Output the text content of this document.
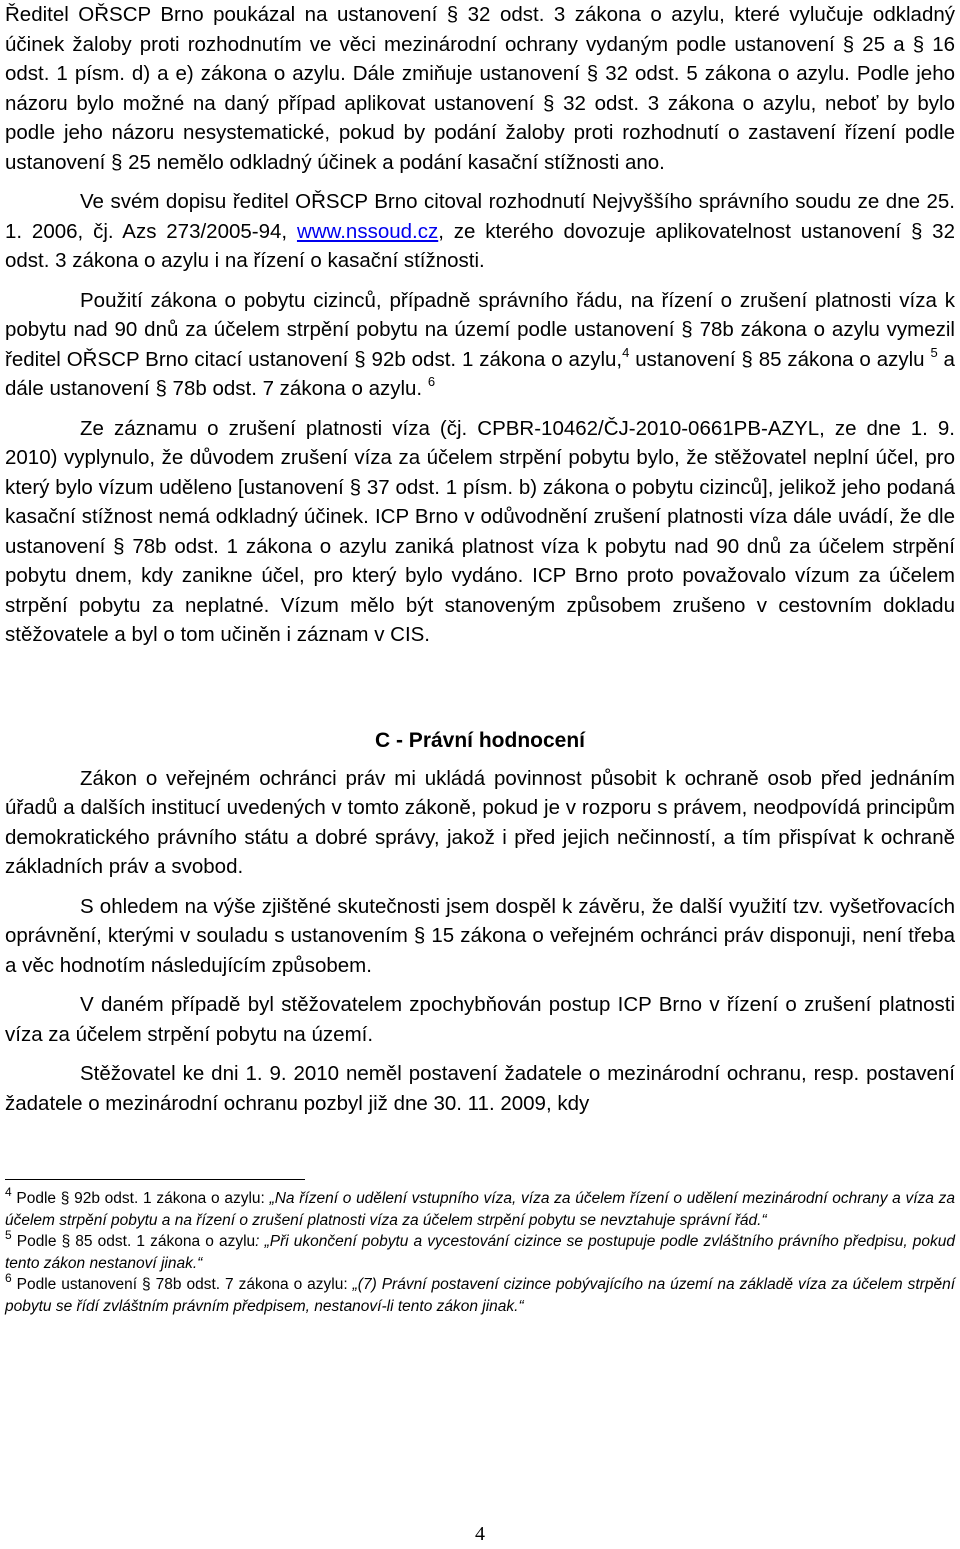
Ředitel OŘSCP Brno poukázal na ustanovení § 32 odst. 3 zákona o azylu, které vylučuje odkladný účinek žaloby proti rozhodnutím ve věci mezinárodní ochrany vydaným podle ustanovení § 25 a § 16 odst. 1 písm. d) a e) zákona o azylu. Dále zmiňuje ustanovení § 32 odst. 5 zákona o azylu. Podle jeho názoru bylo možné na daný případ aplikovat ustanovení § 32 odst. 3 zákona o azylu, neboť by bylo podle jeho názoru nesystematické, pokud by podání žaloby proti rozhodnutí o zastavení řízení podle ustanovení § 25 nemělo odkladný účinek a podání kasační stížnosti ano.

Ve svém dopisu ředitel OŘSCP Brno citoval rozhodnutí Nejvyššího správního soudu ze dne 25. 1. 2006, čj. Azs 273/2005-94, www.nssoud.cz, ze kterého dovozuje aplikovatelnost ustanovení § 32 odst. 3 zákona o azylu i na řízení o kasační stížnosti.

Použití zákona o pobytu cizinců, případně správního řádu, na řízení o zrušení platnosti víza k pobytu nad 90 dnů za účelem strpění pobytu na území podle ustanovení § 78b zákona o azylu vymezil ředitel OŘSCP Brno citací ustanovení § 92b odst. 1 zákona o azylu,$^4$ ustanovení § 85 zákona o azylu $^5$ a dále ustanovení § 78b odst. 7 zákona o azylu. $^6$

Ze záznamu o zrušení platnosti víza (čj. CPBR-10462/ČJ-2010-0661PB-AZYL, ze dne 1. 9. 2010) vyplynulo, že důvodem zrušení víza za účelem strpění pobytu bylo, že stěžovatel neplní účel, pro který bylo vízum uděleno [ustanovení § 37 odst. 1 písm. b) zákona o pobytu cizinců], jelikož jeho podaná kasační stížnost nemá odkladný účinek. ICP Brno v odůvodnění zrušení platnosti víza dále uvádí, že dle ustanovení § 78b odst. 1 zákona o azylu zaniká platnost víza k pobytu nad 90 dnů za účelem strpění pobytu dnem, kdy zanikne účel, pro který bylo vydáno. ICP Brno proto považovalo vízum za účelem strpění pobytu za neplatné. Vízum mělo být stanoveným způsobem zrušeno v cestovním dokladu stěžovatele a byl o tom učiněn i záznam v CIS.

C - Právní hodnocení

Zákon o veřejném ochránci práv mi ukládá povinnost působit k ochraně osob před jednáním úřadů a dalších institucí uvedených v tomto zákoně, pokud je v rozporu s právem, neodpovídá principům demokratického právního státu a dobré správy, jakož i před jejich nečinností, a tím přispívat k ochraně základních práv a svobod.

S ohledem na výše zjištěné skutečnosti jsem dospěl k závěru, že další využití tzv. vyšetřovacích oprávnění, kterými v souladu s ustanovením § 15 zákona o veřejném ochránci práv disponuji, není třeba a věc hodnotím následujícím způsobem.

V daném případě byl stěžovatelem zpochybňován postup ICP Brno v řízení o zrušení platnosti víza za účelem strpění pobytu na území.

Stěžovatel ke dni 1. 9. 2010 neměl postavení žadatele o mezinárodní ochranu, resp. postavení žadatele o mezinárodní ochranu pozbyl již dne 30. 11. 2009, kdy

$^4$ Podle § 92b odst. 1 zákona o azylu: „Na řízení o udělení vstupního víza, víza za účelem řízení o udělení mezinárodní ochrany a víza za účelem strpění pobytu a na řízení o zrušení platnosti víza za účelem strpění pobytu se nevztahuje správní řád.“

$^5$ Podle § 85 odst. 1 zákona o azylu: „Při ukončení pobytu a vycestování cizince se postupuje podle zvláštního právního předpisu, pokud tento zákon nestanoví jinak.“

$^6$ Podle ustanovení § 78b odst. 7 zákona o azylu: „(7) Právní postavení cizince pobývajícího na území na základě víza za účelem strpění pobytu se řídí zvláštním právním předpisem, nestanoví-li tento zákon jinak.“

4
